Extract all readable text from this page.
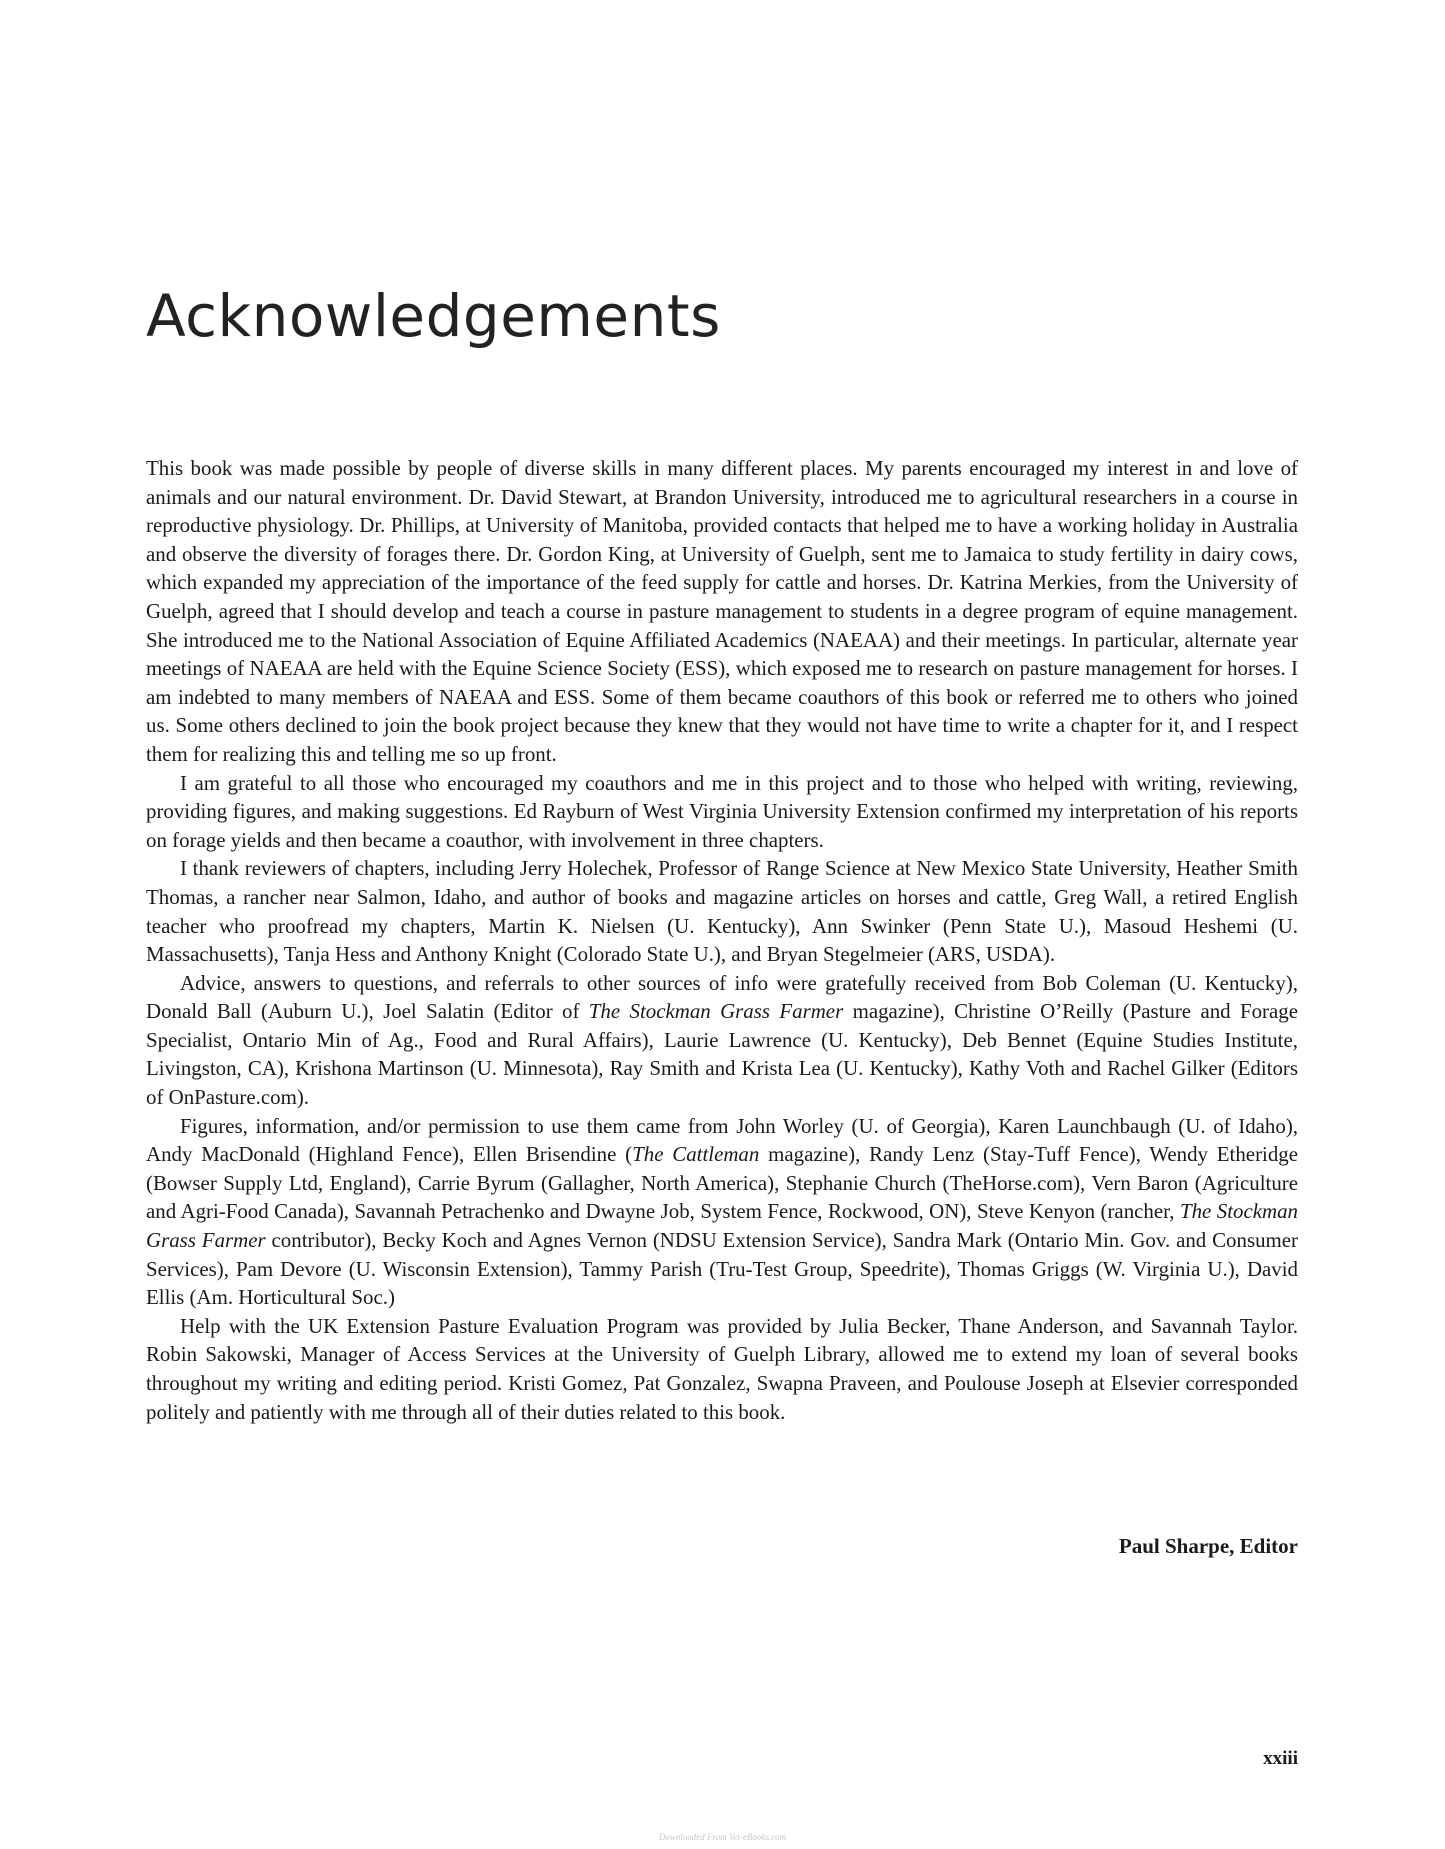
Acknowledgements

This book was made possible by people of diverse skills in many different places. My parents encouraged my interest in and love of animals and our natural environment. Dr. David Stewart, at Brandon University, introduced me to agricultural researchers in a course in reproductive physiology. Dr. Phillips, at University of Manitoba, provided contacts that helped me to have a working holiday in Australia and observe the diversity of forages there. Dr. Gordon King, at University of Guelph, sent me to Jamaica to study fertility in dairy cows, which expanded my appreciation of the importance of the feed supply for cattle and horses. Dr. Katrina Merkies, from the University of Guelph, agreed that I should develop and teach a course in pasture management to students in a degree program of equine management. She introduced me to the National Association of Equine Affiliated Academics (NAEAA) and their meetings. In particular, alternate year meetings of NAEAA are held with the Equine Science Society (ESS), which exposed me to research on pasture management for horses. I am indebted to many members of NAEAA and ESS. Some of them became coauthors of this book or referred me to others who joined us. Some others declined to join the book project because they knew that they would not have time to write a chapter for it, and I respect them for realizing this and telling me so up front.

I am grateful to all those who encouraged my coauthors and me in this project and to those who helped with writing, reviewing, providing figures, and making suggestions. Ed Rayburn of West Virginia University Extension confirmed my interpretation of his reports on forage yields and then became a coauthor, with involvement in three chapters.

I thank reviewers of chapters, including Jerry Holechek, Professor of Range Science at New Mexico State University, Heather Smith Thomas, a rancher near Salmon, Idaho, and author of books and magazine articles on horses and cattle, Greg Wall, a retired English teacher who proofread my chapters, Martin K. Nielsen (U. Kentucky), Ann Swinker (Penn State U.), Masoud Heshemi (U. Massachusetts), Tanja Hess and Anthony Knight (Colorado State U.), and Bryan Stegelmeier (ARS, USDA).

Advice, answers to questions, and referrals to other sources of info were gratefully received from Bob Coleman (U. Kentucky), Donald Ball (Auburn U.), Joel Salatin (Editor of The Stockman Grass Farmer magazine), Christine O’Reilly (Pasture and Forage Specialist, Ontario Min of Ag., Food and Rural Affairs), Laurie Lawrence (U. Kentucky), Deb Bennet (Equine Studies Institute, Livingston, CA), Krishona Martinson (U. Minnesota), Ray Smith and Krista Lea (U. Kentucky), Kathy Voth and Rachel Gilker (Editors of OnPasture.com).

Figures, information, and/or permission to use them came from John Worley (U. of Georgia), Karen Launchbaugh (U. of Idaho), Andy MacDonald (Highland Fence), Ellen Brisendine (The Cattleman magazine), Randy Lenz (Stay-Tuff Fence), Wendy Etheridge (Bowser Supply Ltd, England), Carrie Byrum (Gallagher, North America), Stephanie Church (TheHorse.com), Vern Baron (Agriculture and Agri-Food Canada), Savannah Petrachenko and Dwayne Job, System Fence, Rockwood, ON), Steve Kenyon (rancher, The Stockman Grass Farmer contributor), Becky Koch and Agnes Vernon (NDSU Extension Service), Sandra Mark (Ontario Min. Gov. and Consumer Services), Pam Devore (U. Wisconsin Extension), Tammy Parish (Tru-Test Group, Speedrite), Thomas Griggs (W. Virginia U.), David Ellis (Am. Horticultural Soc.)

Help with the UK Extension Pasture Evaluation Program was provided by Julia Becker, Thane Anderson, and Savannah Taylor. Robin Sakowski, Manager of Access Services at the University of Guelph Library, allowed me to extend my loan of several books throughout my writing and editing period. Kristi Gomez, Pat Gonzalez, Swapna Praveen, and Poulouse Joseph at Elsevier corresponded politely and patiently with me through all of their duties related to this book.

Paul Sharpe, Editor
xxiii
Downloaded From Vet-eBooks.com
